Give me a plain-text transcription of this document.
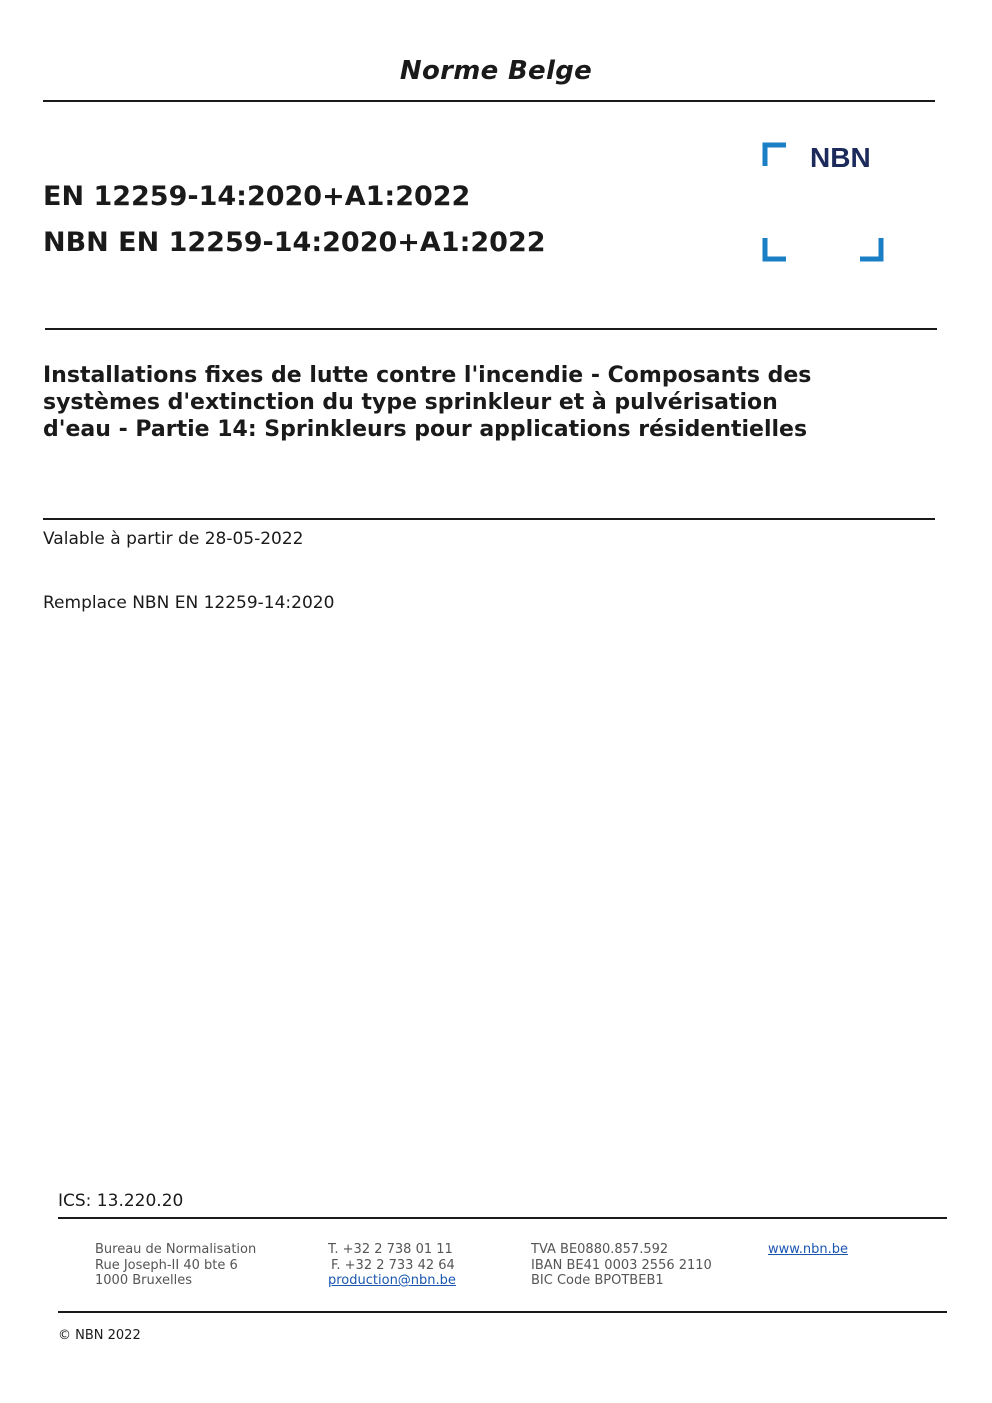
Norme Belge
EN 12259-14:2020+A1:2022
NBN EN 12259-14:2020+A1:2022
NBN
Installations fixes de lutte contre l'incendie - Composants des
systèmes d'extinction du type sprinkleur et à pulvérisation
d'eau - Partie 14: Sprinkleurs pour applications résidentielles
Valable à partir de 28-05-2022
Remplace NBN EN 12259-14:2020
ICS: 13.220.20
Bureau de Normalisation
Rue Joseph-II 40 bte 6
1000 Bruxelles
T. +32 2 738 01 11
F. +32 2 733 42 64
production@nbn.be
TVA BE0880.857.592
IBAN BE41 0003 2556 2110
BIC Code BPOTBEB1
www.nbn.be
© NBN 2022
